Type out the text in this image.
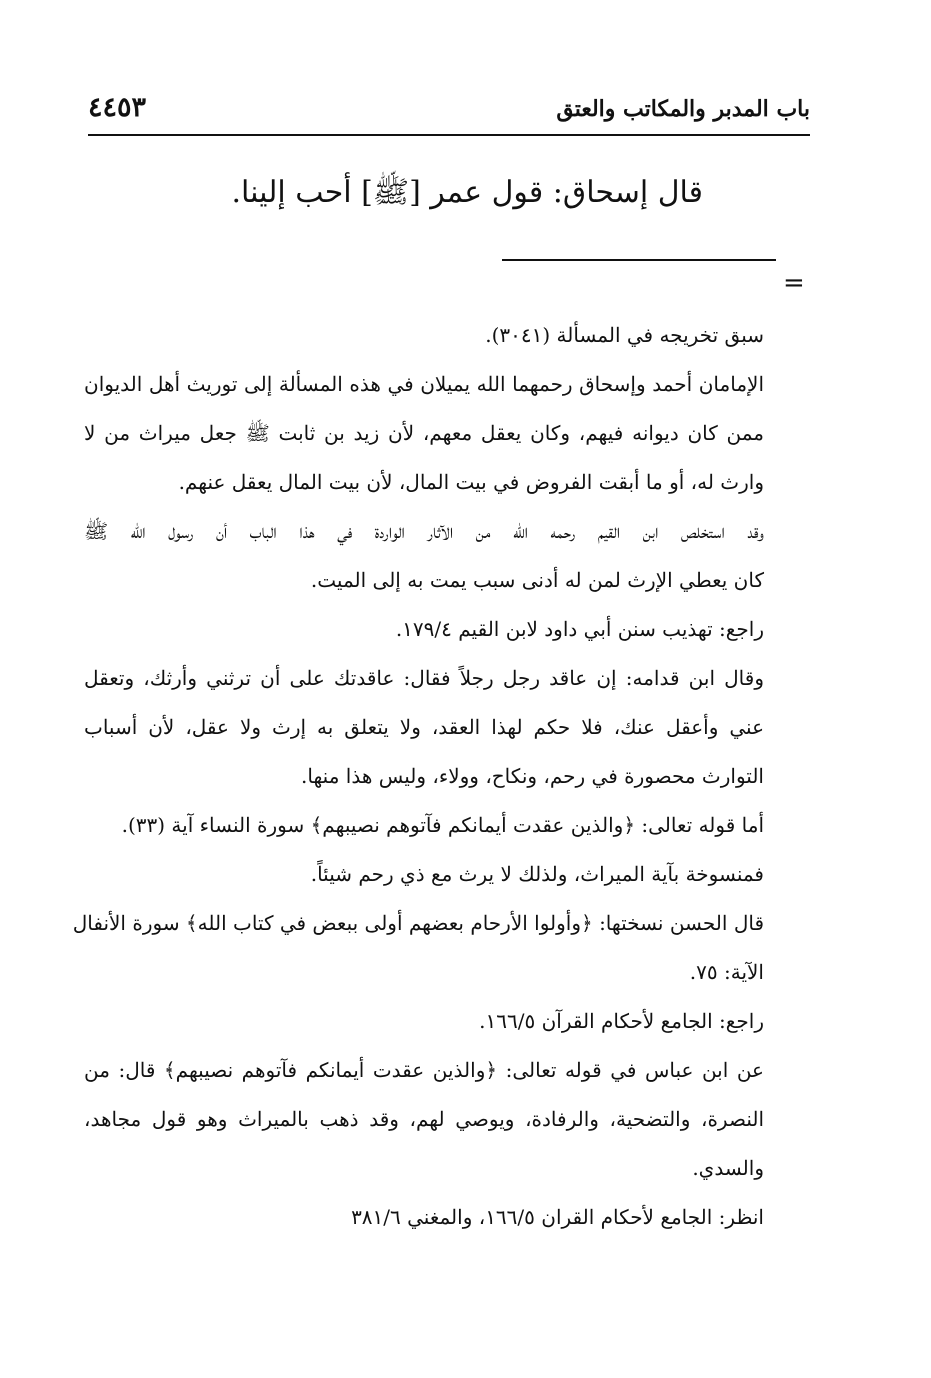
باب المدبر والمكاتب والعتق
٤٤٥٣
قال إسحاق: قول عمر [ﷺ] أحب إلينا.
=
سبق تخريجه في المسألة (٣٠٤١).
الإمامان أحمد وإسحاق رحمهما الله يميلان في هذه المسألة إلى توريث أهل الديوان
ممن كان ديوانه فيهم، وكان يعقل معهم، لأن زيد بن ثابت ﷺ جعل ميراث من لا
وارث له، أو ما أبقت الفروض في بيت المال، لأن بيت المال يعقل عنهم.
وقد استخلص ابن القيم رحمه الله من الآثار الواردة في هذا الباب أن رسول الله ﷺ
كان يعطي الإرث لمن له أدنى سبب يمت به إلى الميت.
راجع: تهذيب سنن أبي داود لابن القيم ١٧٩/٤.
وقال ابن قدامه: إن عاقد رجل رجلاً فقال: عاقدتك على أن ترثني وأرثك، وتعقل
عني وأعقل عنك، فلا حكم لهذا العقد، ولا يتعلق به إرث ولا عقل، لأن أسباب
التوارث محصورة في رحم، ونكاح، وولاء، وليس هذا منها.
أما قوله تعالى: ﴿والذين عقدت أيمانكم فآتوهم نصيبهم﴾ سورة النساء آية (٣٣).
فمنسوخة بآية الميراث، ولذلك لا يرث مع ذي رحم شيئاً.
قال الحسن نسختها: ﴿وأولوا الأرحام بعضهم أولى ببعض في كتاب الله﴾ سورة الأنفال
الآية: ٧٥.
راجع: الجامع لأحكام القرآن ١٦٦/٥.
عن ابن عباس في قوله تعالى: ﴿والذين عقدت أيمانكم فآتوهم نصيبهم﴾ قال: من
النصرة، والتضحية، والرفادة، ويوصي لهم، وقد ذهب بالميراث وهو قول مجاهد،
والسدي.
انظر: الجامع لأحكام القران ١٦٦/٥، والمغني ٣٨١/٦
